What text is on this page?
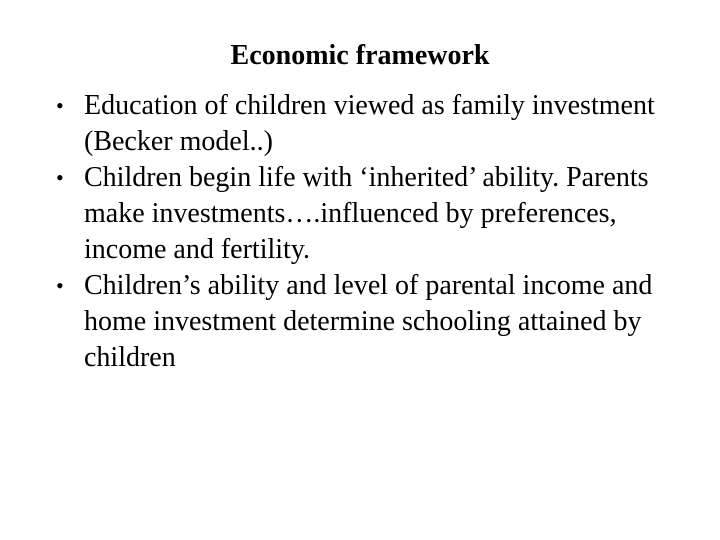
Economic framework
• Education of children viewed as family investment (Becker model..)
• Children begin life with ‘inherited’ ability. Parents make investments….influenced by preferences, income and fertility.
• Children’s ability and level of parental income and home investment determine schooling attained by children
